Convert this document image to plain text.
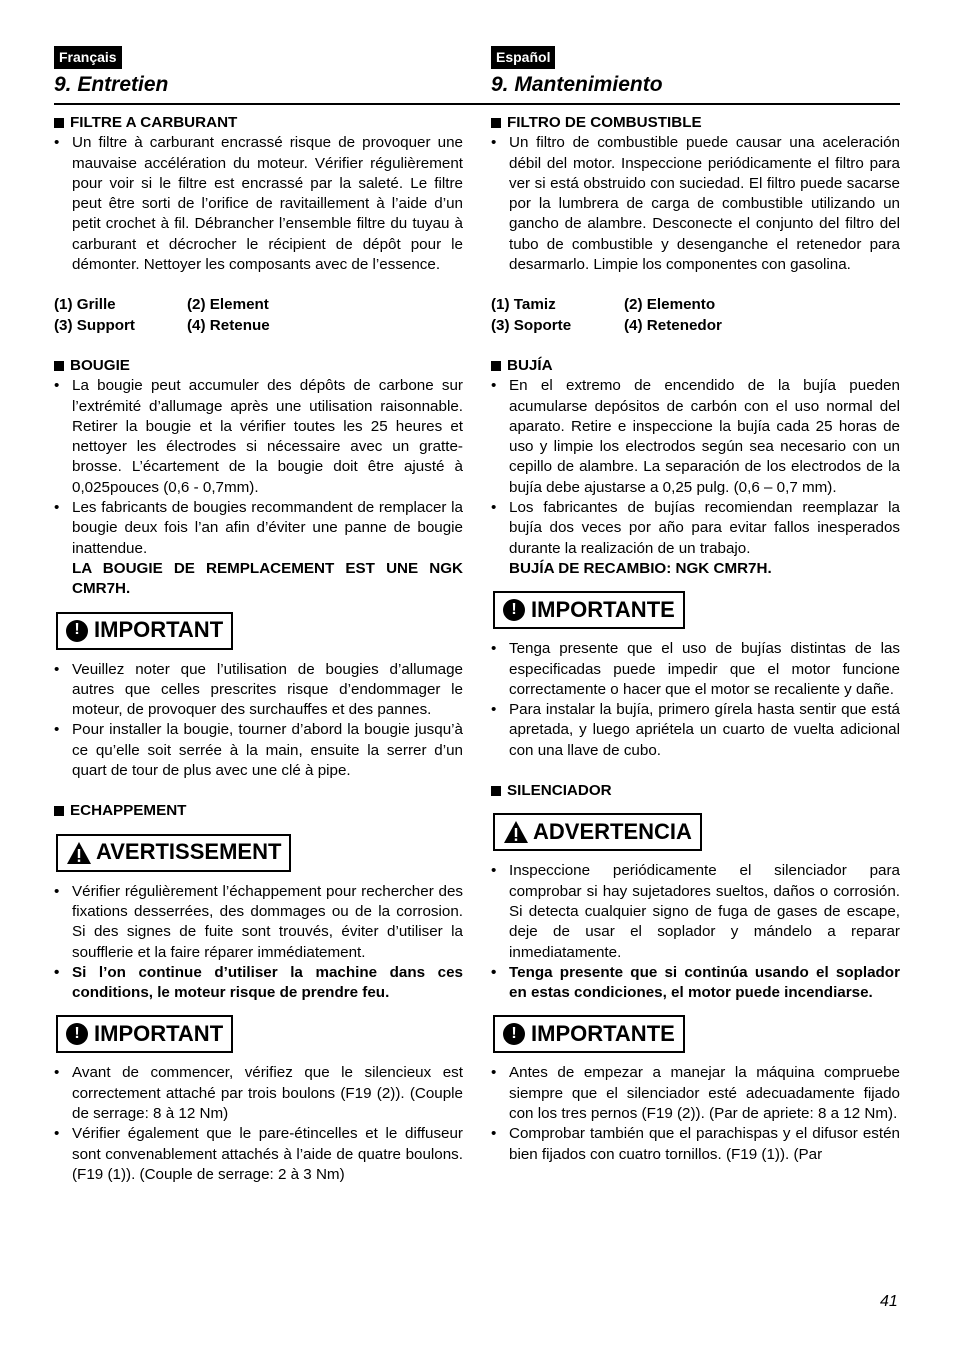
Français
9. Entretien
Español
9. Mantenimiento
FILTRE A CARBURANT
• Un filtre à carburant encrassé risque de provoquer une mauvaise accélération du moteur. Vérifier régulièrement pour voir si le filtre est encrassé par la saleté. Le filtre peut être sorti de l’orifice de ravitaillement à l’aide d’un petit crochet à fil. Débrancher l’ensemble filtre du tuyau à carburant et décrocher le récipient de dépôt pour le démonter. Nettoyer les composants avec de l’essence.
(1) Grille	(2) Element
(3) Support	(4) Retenue
BOUGIE
• La bougie peut accumuler des dépôts de carbone sur l’extrémité d’allumage après une utilisation raisonnable. Retirer la bougie et la vérifier toutes les 25 heures et nettoyer les électrodes si nécessaire avec un gratte-brosse. L’écartement de la bougie doit être ajusté à 0,025pouces (0,6 - 0,7mm).
• Les fabricants de bougies recommandent de remplacer la bougie deux fois l’an afin d’éviter une panne de bougie inattendue.
LA BOUGIE DE REMPLACEMENT EST UNE NGK CMR7H.
! IMPORTANT
• Veuillez noter que l’utilisation de bougies d’allumage autres que celles prescrites risque d’endommager le moteur, de provoquer des surchauffes et des pannes.
• Pour installer la bougie, tourner d’abord la bougie jusqu’à ce qu’elle soit serrée à la main, ensuite la serrer d’un quart de tour de plus avec une clé à pipe.
ECHAPPEMENT
AVERTISSEMENT
• Vérifier régulièrement l’échappement pour rechercher des fixations desserrées, des dommages ou de la corrosion. Si des signes de fuite sont trouvés, éviter d’utiliser la soufflerie et la faire réparer immédiatement.
• Si l’on continue d’utiliser la machine dans ces conditions, le moteur risque de prendre feu.
! IMPORTANT
• Avant de commencer, vérifiez que le silencieux est correctement attaché par trois boulons (F19 (2)). (Couple de serrage: 8 à 12 Nm)
• Vérifier également que le pare-étincelles et le diffuseur sont convenablement attachés à l’aide de quatre boulons. (F19 (1)). (Couple de serrage: 2 à 3 Nm)
FILTRO DE COMBUSTIBLE
• Un filtro de combustible puede causar una aceleración débil del motor. Inspeccione periódicamente el filtro para ver si está obstruido con suciedad. El filtro puede sacarse por la lumbrera de carga de combustible utilizando un gancho de alambre. Desconecte el conjunto del filtro del tubo de combustible y desenganche el retenedor para desarmarlo. Limpie los componentes con gasolina.
(1) Tamiz	(2) Elemento
(3) Soporte	(4) Retenedor
BUJÍA
• En el extremo de encendido de la bujía pueden acumularse depósitos de carbón con el uso normal del aparato. Retire e inspeccione la bujía cada 25 horas de uso y limpie los electrodos según sea necesario con un cepillo de alambre. La separación de los electrodos de la bujía debe ajustarse a 0,25 pulg. (0,6 – 0,7 mm).
• Los fabricantes de bujías recomiendan reemplazar la bujía dos veces por año para evitar fallos inesperados durante la realización de un trabajo.
BUJÍA DE RECAMBIO: NGK CMR7H.
! IMPORTANTE
• Tenga presente que el uso de bujías distintas de las especificadas puede impedir que el motor funcione correctamente o hacer que el motor se recaliente y dañe.
• Para instalar la bujía, primero gírela hasta sentir que está apretada, y luego apriétela un cuarto de vuelta adicional con una llave de cubo.
SILENCIADOR
ADVERTENCIA
• Inspeccione periódicamente el silenciador para comprobar si hay sujetadores sueltos, daños o corrosión. Si detecta cualquier signo de fuga de gases de escape, deje de usar el soplador y mándelo a reparar inmediatamente.
• Tenga presente que si continúa usando el soplador en estas condiciones, el motor puede incendiarse.
! IMPORTANTE
• Antes de empezar a manejar la máquina compruebe siempre que el silenciador esté adecuadamente fijado con los tres pernos (F19 (2)). (Par de apriete: 8 a 12 Nm).
• Comprobar también que el parachispas y el difusor estén bien fijados con cuatro tornillos. (F19 (1)). (Par
41
